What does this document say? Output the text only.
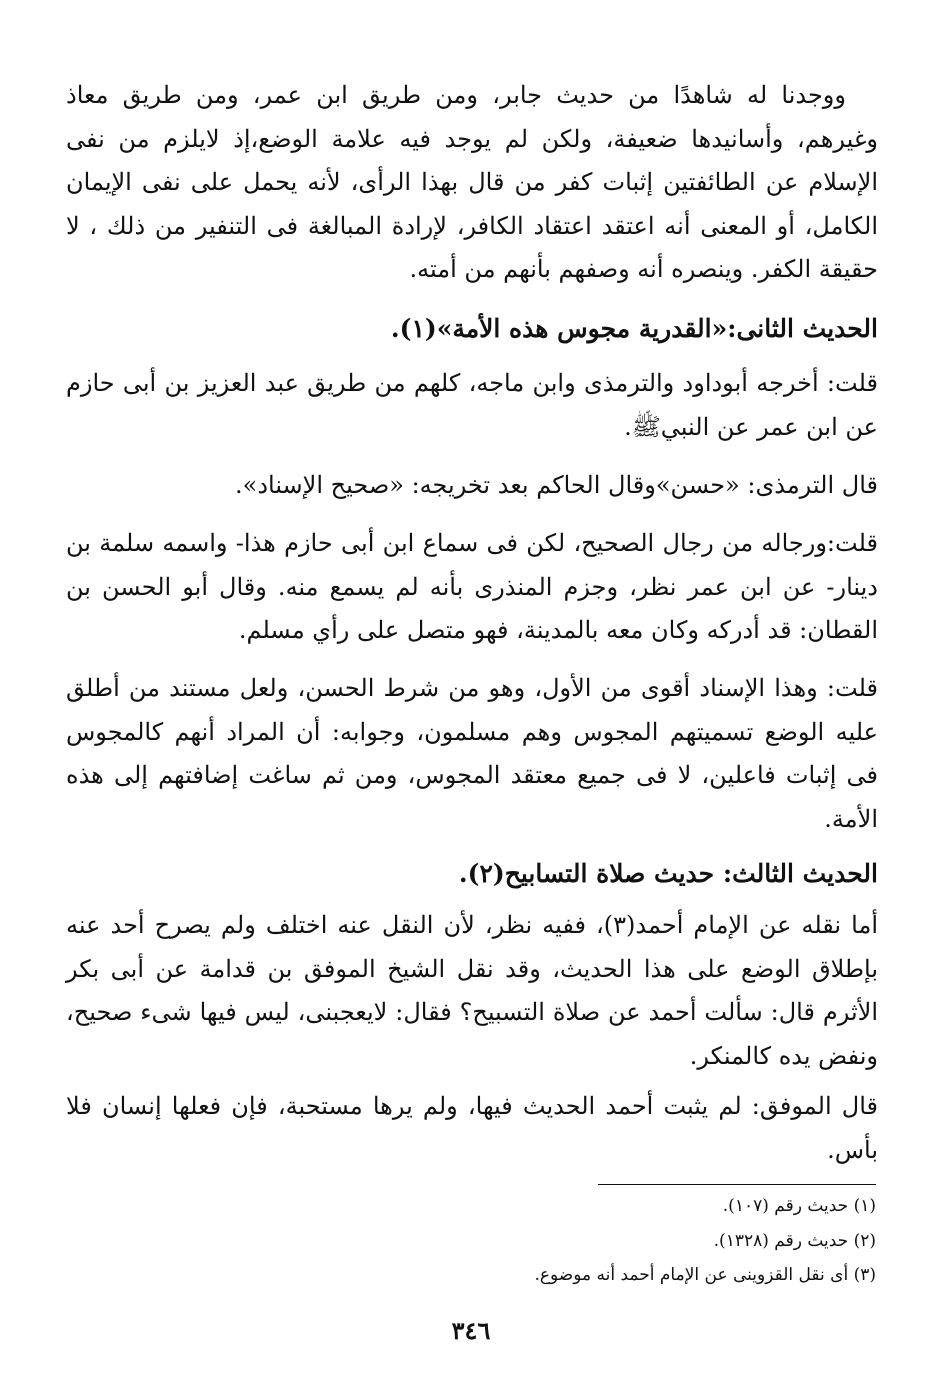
ووجدنا له شاهدًا من حديث جابر، ومن طريق ابن عمر، ومن طريق معاذ وغيرهم، وأسانيدها ضعيفة، ولكن لم يوجد فيه علامة الوضع،إذ لايلزم من نفى الإسلام عن الطائفتين إثبات كفر من قال بهذا الرأى، لأنه يحمل على نفى الإيمان الكامل، أو المعنى أنه اعتقد اعتقاد الكافر، لإرادة المبالغة فى التنفير من ذلك ، لا حقيقة الكفر. وينصره أنه وصفهم بأنهم من أمته.

الحديث الثانى:«القدرية مجوس هذه الأمة»(١).

قلت: أخرجه أبوداود والترمذى وابن ماجه، كلهم من طريق عبد العزيز بن أبى حازم عن ابن عمر عن النبيﷺ.

قال الترمذى: «حسن»وقال الحاكم بعد تخريجه: «صحيح الإسناد».

قلت:ورجاله من رجال الصحيح، لكن فى سماع ابن أبى حازم هذا- واسمه سلمة بن دينار- عن ابن عمر نظر، وجزم المنذرى بأنه لم يسمع منه. وقال أبو الحسن بن القطان: قد أدركه وكان معه بالمدينة، فهو متصل على رأي مسلم.

قلت: وهذا الإسناد أقوى من الأول، وهو من شرط الحسن، ولعل مستند من أطلق عليه الوضع تسميتهم المجوس وهم مسلمون، وجوابه: أن المراد أنهم كالمجوس فى إثبات فاعلين، لا فى جميع معتقد المجوس، ومن ثم ساغت إضافتهم إلى هذه الأمة.

الحديث الثالث: حديث صلاة التسابيح(٢).

أما نقله عن الإمام أحمد(٣)، ففيه نظر، لأن النقل عنه اختلف ولم يصرح أحد عنه بإطلاق الوضع على هذا الحديث، وقد نقل الشيخ الموفق بن قدامة عن أبى بكر الأثرم قال: سألت أحمد عن صلاة التسبيح؟ فقال: لايعجبنى، ليس فيها شىء صحيح، ونفض يده كالمنكر.

قال الموفق: لم يثبت أحمد الحديث فيها، ولم يرها مستحبة، فإن فعلها إنسان فلا بأس.

(١) حديث رقم (١٠٧).

(٢) حديث رقم (١٣٢٨).

(٣) أى نقل القزوينى عن الإمام أحمد أنه موضوع.

٣٤٦
